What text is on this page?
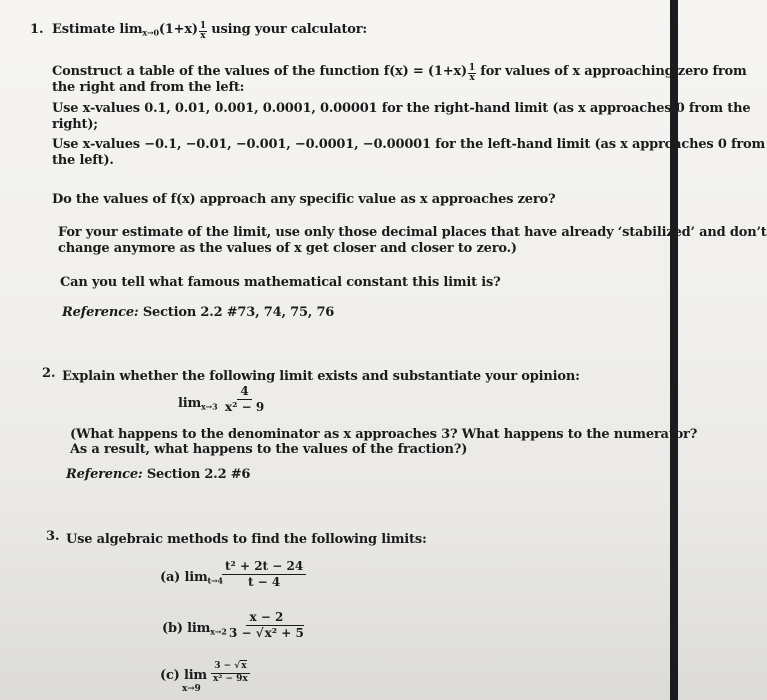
1. Estimate $\lim_{x\to 0}(1+x) \frac{1}{x}$ using your calculator:
Construct a table of the values of the function $f(x) = (1+x) \frac{1}{x}$ for values of x approaching zero from
the right and from the left:
Use x-values 0.1, 0.01, 0.001, 0.0001, 0.00001 for the right-hand limit (as x approaches 0 from the
right);
Use x-values −0.1, −0.01, −0.001, −0.0001, −0.00001 for the left-hand limit (as x approaches 0 from
the left).
Do the values of f(x) approach any specific value as x approaches zero?
For your estimate of the limit, use only those decimal places that have already ‘stabilized’ and don’t
change anymore as the values of x get closer and closer to zero.)
Can you tell what famous mathematical constant this limit is?
Reference: Section 2.2 #73, 74, 75, 76
2. Explain whether the following limit exists and substantiate your opinion:
$\lim_{x\to 3} \frac{4}{\text{x² − 9}}$
(What happens to the denominator as x approaches 3? What happens to the numerator?
As a result, what happens to the values of the fraction?)
Reference: Section 2.2 #6
3. Use algebraic methods to find the following limits:
(a) $\lim_{t\to 4} \frac{\text{t² + 2t − 24}}{t - 4}$
(b) $\lim_{x\to 2} \frac{x - 2}{\text{3 − √x² + 5}}$
(c) lim
x→9
$\frac{3 - √x}{\text{x² − 9x}}$
